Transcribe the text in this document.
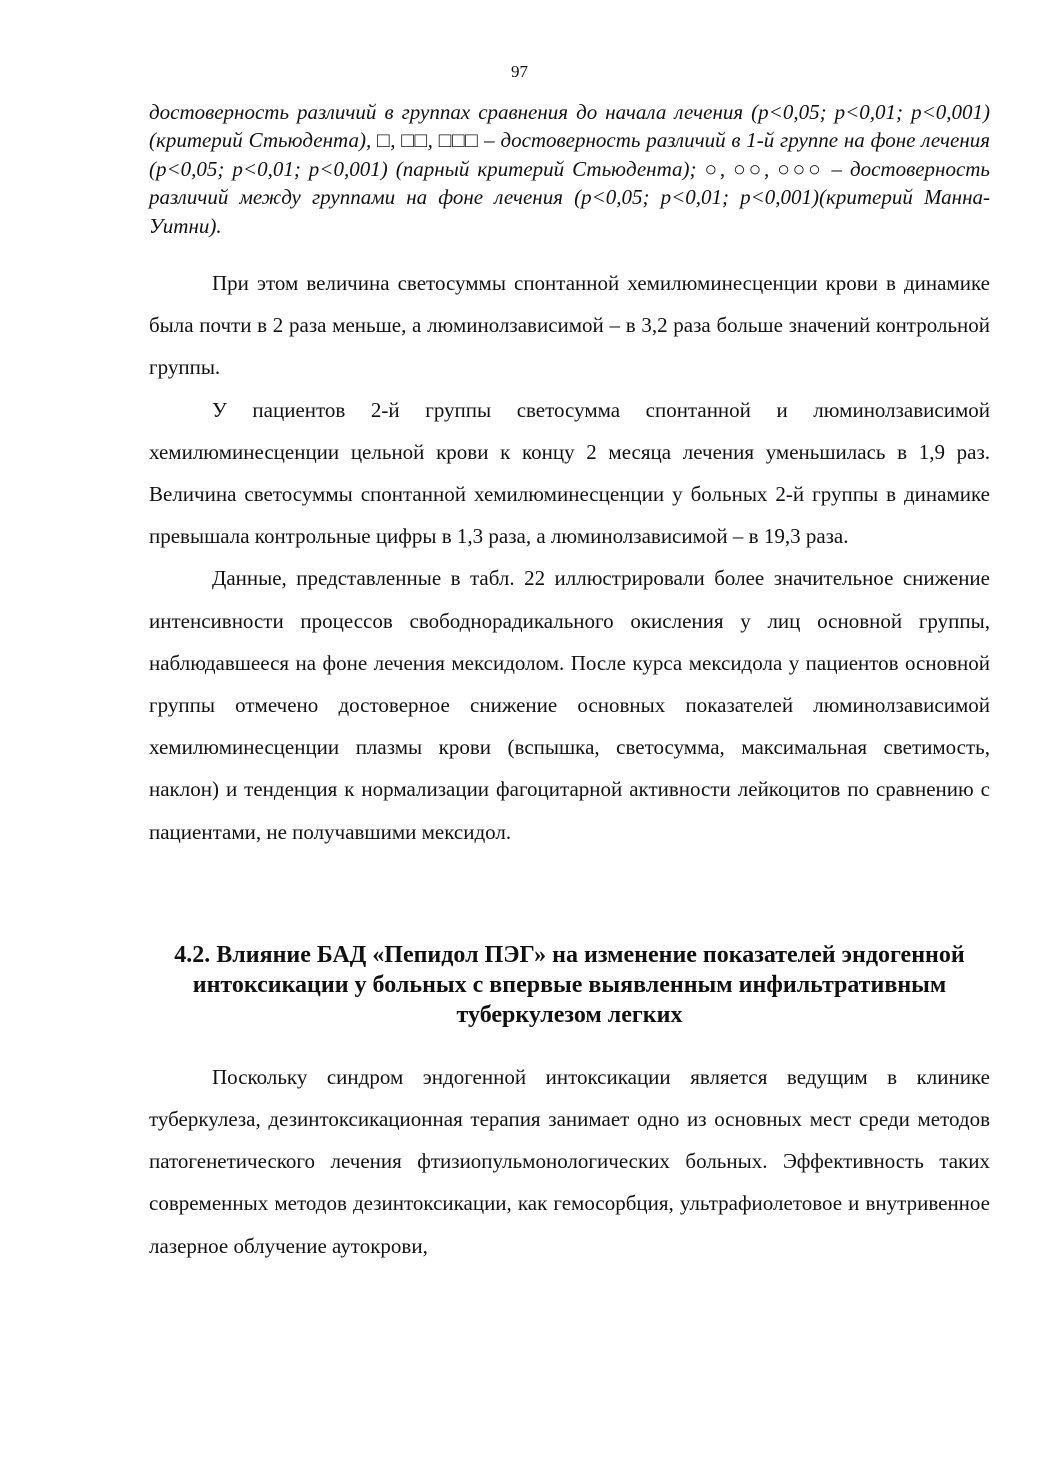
97

достоверность различий в группах сравнения до начала лечения (р<0,05; р<0,01; р<0,001)(критерий Стьюдента), □, □□, □□□ – достоверность различий в 1-й группе на фоне лечения (р<0,05; р<0,01; р<0,001) (парный критерий Стьюдента); ○, ○○, ○○○ – достоверность различий между группами на фоне лечения (р<0,05; р<0,01; р<0,001)(критерий Манна-Уитни).

При этом величина светосуммы спонтанной хемилюминесценции крови в динамике была почти в 2 раза меньше, а люминолзависимой – в 3,2 раза больше значений контрольной группы.

У пациентов 2-й группы светосумма спонтанной и люминолзависимой хемилюминесценции цельной крови к концу 2 месяца лечения уменьшилась в 1,9 раз. Величина светосуммы спонтанной хемилюминесценции у больных 2-й группы в динамике превышала контрольные цифры в 1,3 раза, а люминолзависимой – в 19,3 раза.

Данные, представленные в табл. 22 иллюстрировали более значительное снижение интенсивности процессов свободнорадикального окисления у лиц основной группы, наблюдавшееся на фоне лечения мексидолом. После курса мексидола у пациентов основной группы отмечено достоверное снижение основных показателей люминолзависимой хемилюминесценции плазмы крови (вспышка, светосумма, максимальная светимость, наклон) и тенденция к нормализации фагоцитарной активности лейкоцитов по сравнению с пациентами, не получавшими мексидол.

4.2. Влияние БАД «Пепидол ПЭГ» на изменение показателей эндогенной интоксикации у больных с впервые выявленным инфильтративным туберкулезом легких

Поскольку синдром эндогенной интоксикации является ведущим в клинике туберкулеза, дезинтоксикационная терапия занимает одно из основных мест среди методов патогенетического лечения фтизиопульмонологических больных. Эффективность таких современных методов дезинтоксикации, как гемосорбция, ультрафиолетовое и внутривенное лазерное облучение аутокрови,
